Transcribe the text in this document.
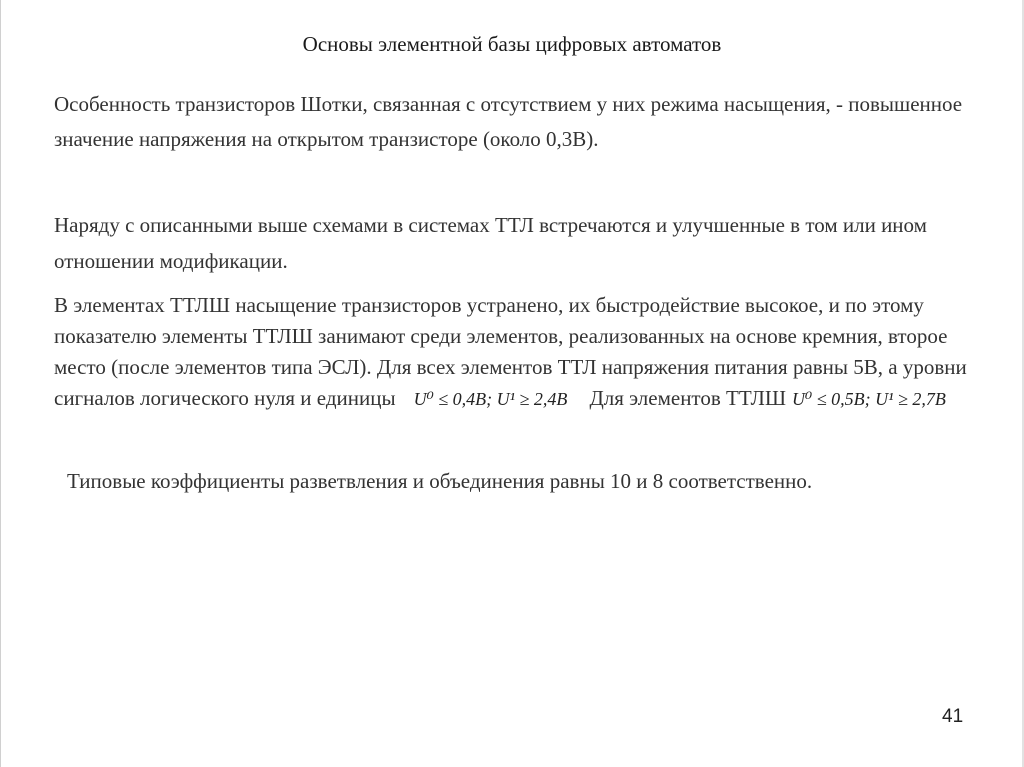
Основы элементной базы цифровых автоматов
Особенность транзисторов Шотки, связанная с отсутствием у них режима насыщения, - повышенное значение напряжения на открытом транзисторе (около 0,3В).
Наряду с описанными выше схемами в системах ТТЛ встречаются и улучшенные в том или ином отношении модификации.
В элементах ТТЛШ насыщение транзисторов устранено, их быстродействие высокое, и по этому показателю элементы ТТЛШ занимают среди элементов, реализованных на основе кремния, второе место (после элементов типа ЭСЛ). Для всех элементов ТТЛ напряжения питания равны 5В, а уровни сигналов логического нуля и единицы U⁰ ≤ 0,4B; U¹ ≥ 2,4B Для элементов ТТЛШ U⁰ ≤ 0,5B; U¹ ≥ 2,7B
Типовые коэффициенты разветвления и объединения равны 10 и 8 соответственно.
41
